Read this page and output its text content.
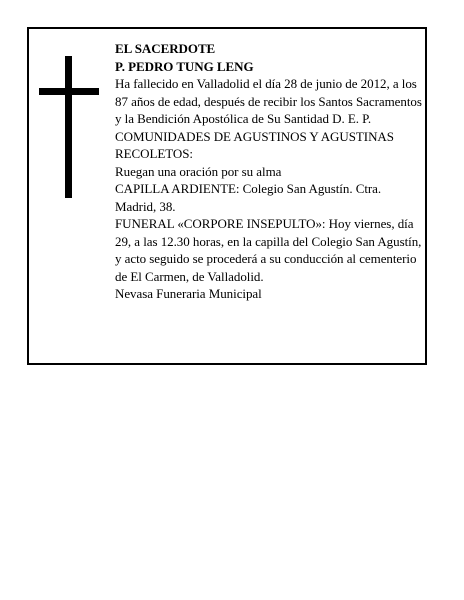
EL SACERDOTE

P. PEDRO TUNG LENG

Ha fallecido en Valladolid el día 28 de junio de 2012, a los 87 años de edad, después de recibir los Santos Sacramentos y la Bendición Apostólica de Su Santidad D. E. P.

COMUNIDADES DE AGUSTINOS Y AGUSTINAS RECOLETOS:

Ruegan una oración por su alma

CAPILLA ARDIENTE: Colegio San Agustín. Ctra. Madrid, 38.

FUNERAL «CORPORE INSEPULTO»: Hoy viernes, día 29, a las 12.30 horas, en la capilla del Colegio San Agustín, y acto seguido se procederá a su conducción al cementerio de El Carmen, de Valladolid.

Nevasa Funeraria Municipal
